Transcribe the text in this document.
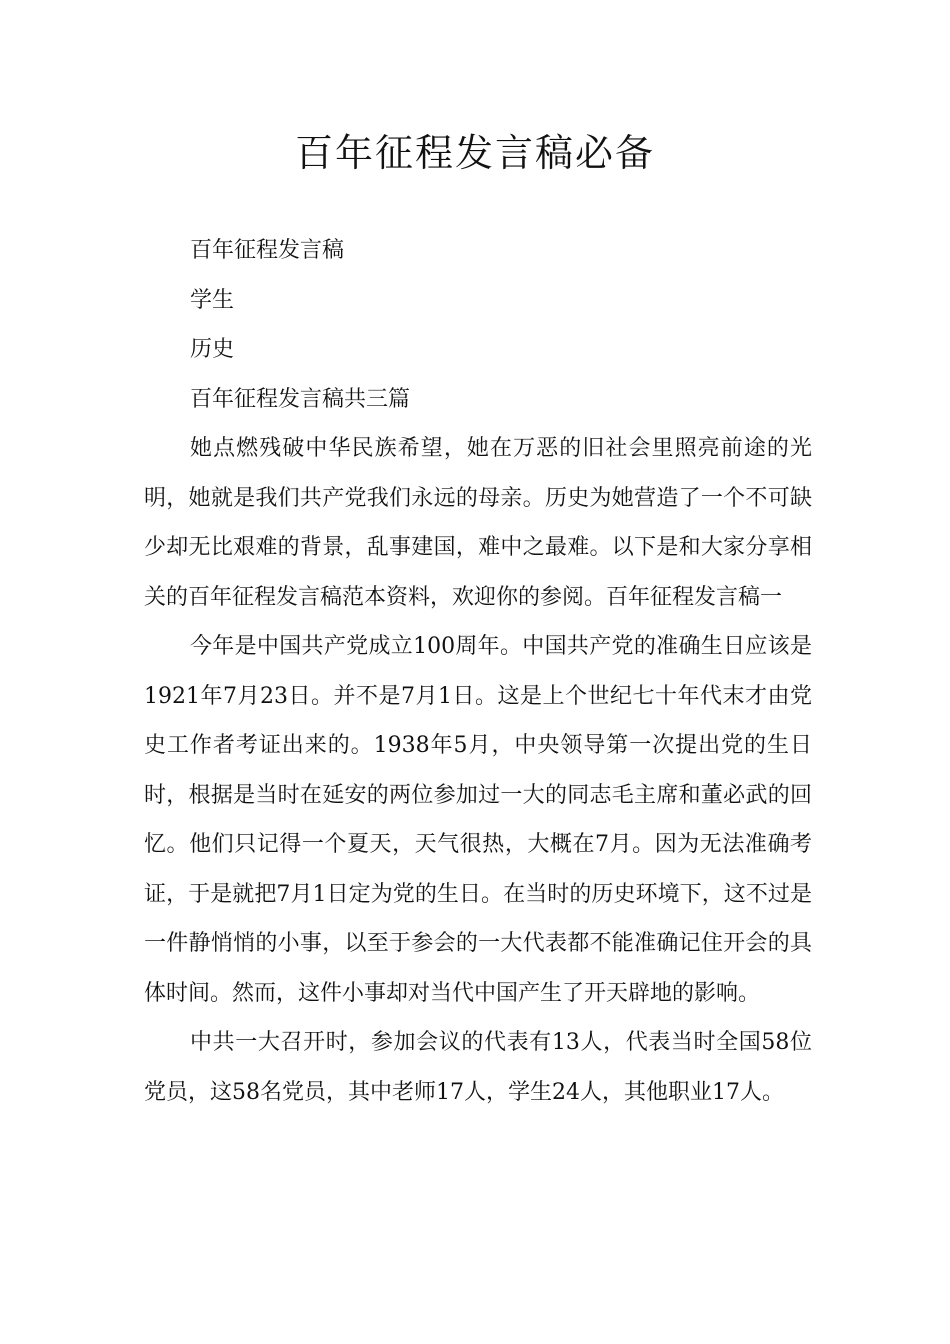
百年征程发言稿必备

百年征程发言稿

学生

历史

百年征程发言稿共三篇

她点燃残破中华民族希望，她在万恶的旧社会里照亮前途的光明，她就是我们共产党我们永远的母亲。历史为她营造了一个不可缺少却无比艰难的背景，乱事建国，难中之最难。以下是和大家分享相关的百年征程发言稿范本资料，欢迎你的参阅。百年征程发言稿一

今年是中国共产党成立100周年。中国共产党的准确生日应该是1921年7月23日。并不是7月1日。这是上个世纪七十年代末才由党史工作者考证出来的。1938年5月，中央领导第一次提出党的生日时，根据是当时在延安的两位参加过一大的同志毛主席和董必武的回忆。他们只记得一个夏天，天气很热，大概在7月。因为无法准确考证，于是就把7月1日定为党的生日。在当时的历史环境下，这不过是一件静悄悄的小事，以至于参会的一大代表都不能准确记住开会的具体时间。然而，这件小事却对当代中国产生了开天辟地的影响。

中共一大召开时，参加会议的代表有13人，代表当时全国58位党员，这58名党员，其中老师17人，学生24人，其他职业17人。
